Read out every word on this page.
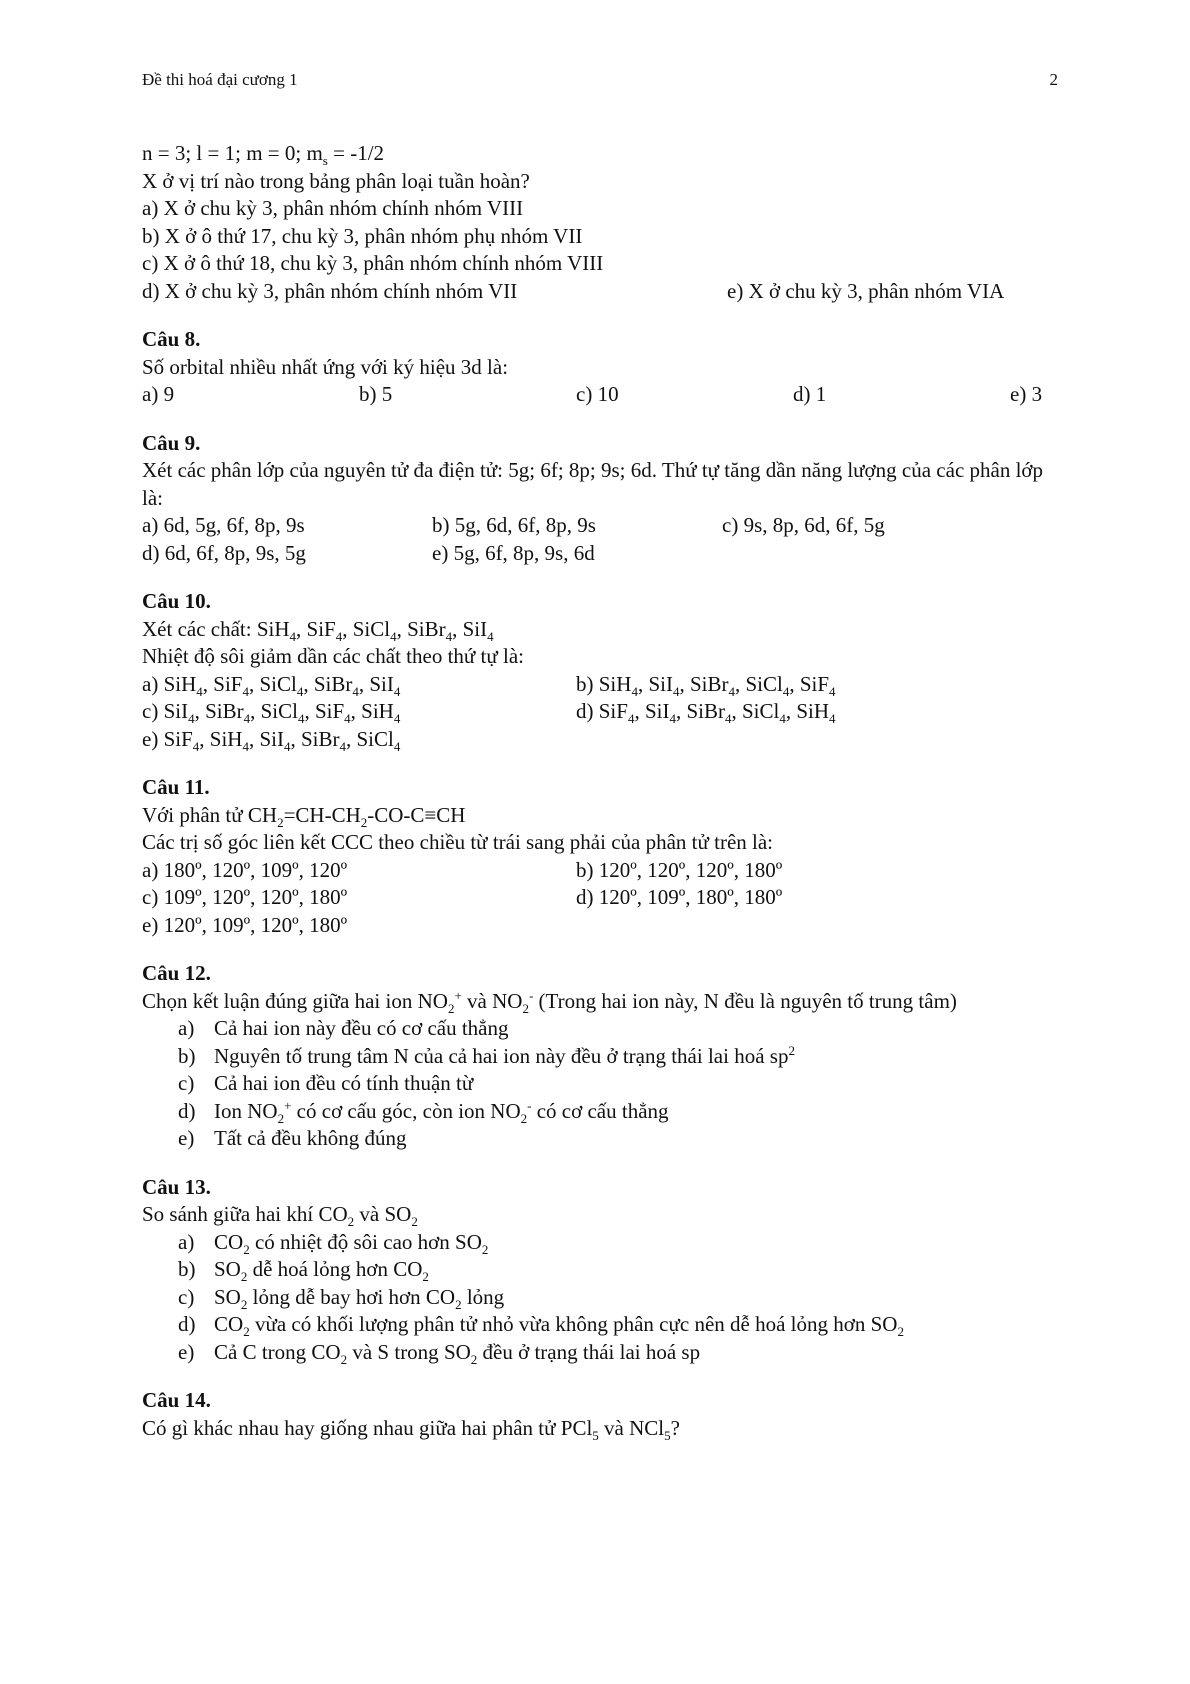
Đề thi hoá đại cương 1	2
n = 3; l = 1; m = 0; $m_s = -1/2$
X ở vị trí nào trong bảng phân loại tuần hoàn?
a) X ở chu kỳ 3, phân nhóm chính nhóm VIII
b) X ở ô thứ 17, chu kỳ 3, phân nhóm phụ nhóm VII
c) X ở ô thứ 18, chu kỳ 3, phân nhóm chính nhóm VIII
d) X ở chu kỳ 3, phân nhóm chính nhóm VII	e) X ở chu kỳ 3, phân nhóm VIA
Câu 8.
Số orbital nhiều nhất ứng với ký hiệu 3d là:
a) 9	b) 5	c) 10	d) 1	e) 3
Câu 9.
Xét các phân lớp của nguyên tử đa điện tử: 5g; 6f; 8p; 9s; 6d. Thứ tự tăng dần năng lượng của các phân lớp là:
a) 6d, 5g, 6f, 8p, 9s	b) 5g, 6d, 6f, 8p, 9s	c) 9s, 8p, 6d, 6f, 5g
d) 6d, 6f, 8p, 9s, 5g	e) 5g, 6f, 8p, 9s, 6d
Câu 10.
Xét các chất: SiH$_4$, SiF$_4$, SiCl$_4$, SiBr$_4$, SiI$_4$
Nhiệt độ sôi giảm dần các chất theo thứ tự là:
a) SiH$_4$, SiF$_4$, SiCl$_4$, SiBr$_4$, SiI$_4$	b) SiH$_4$, SiI$_4$, SiBr$_4$, SiCl$_4$, SiF$_4$
c) SiI$_4$, SiBr$_4$, SiCl$_4$, SiF$_4$, SiH$_4$	d) SiF$_4$, SiI$_4$, SiBr$_4$, SiCl$_4$, SiH$_4$
e) SiF$_4$, SiH$_4$, SiI$_4$, SiBr$_4$, SiCl$_4$
Câu 11.
Với phân tử $CH_2=CH-CH_2-CO-C\equiv CH$
Các trị số góc liên kết CCC theo chiều từ trái sang phải của phân tử trên là:
a) 180º, 120º, 109º, 120º	b) 120º, 120º, 120º, 180º
c) 109º, 120º, 120º, 180º	d) 120º, 109º, 180º, 180º
e) 120º, 109º, 120º, 180º
Câu 12.
Chọn kết luận đúng giữa hai ion $NO_2^+$ và $NO_2^-$ (Trong hai ion này, N đều là nguyên tố trung tâm)
a) Cả hai ion này đều có cơ cấu thẳng
b) Nguyên tố trung tâm N của cả hai ion này đều ở trạng thái lai hoá $sp^2$
c) Cả hai ion đều có tính thuận từ
d) Ion $NO_2^+$ có cơ cấu góc, còn ion $NO_2^-$ có cơ cấu thẳng
e) Tất cả đều không đúng
Câu 13.
So sánh giữa hai khí $CO_2$ và $SO_2$
a) $CO_2$ có nhiệt độ sôi cao hơn $SO_2$
b) $SO_2$ dễ hoá lỏng hơn $CO_2$
c) $SO_2$ lỏng dễ bay hơi hơn $CO_2$ lỏng
d) $CO_2$ vừa có khối lượng phân tử nhỏ vừa không phân cực nên dễ hoá lỏng hơn $SO_2$
e) Cả C trong $CO_2$ và S trong $SO_2$ đều ở trạng thái lai hoá sp
Câu 14.
Có gì khác nhau hay giống nhau giữa hai phân tử PCl$_5$ và NCl$_5$?
